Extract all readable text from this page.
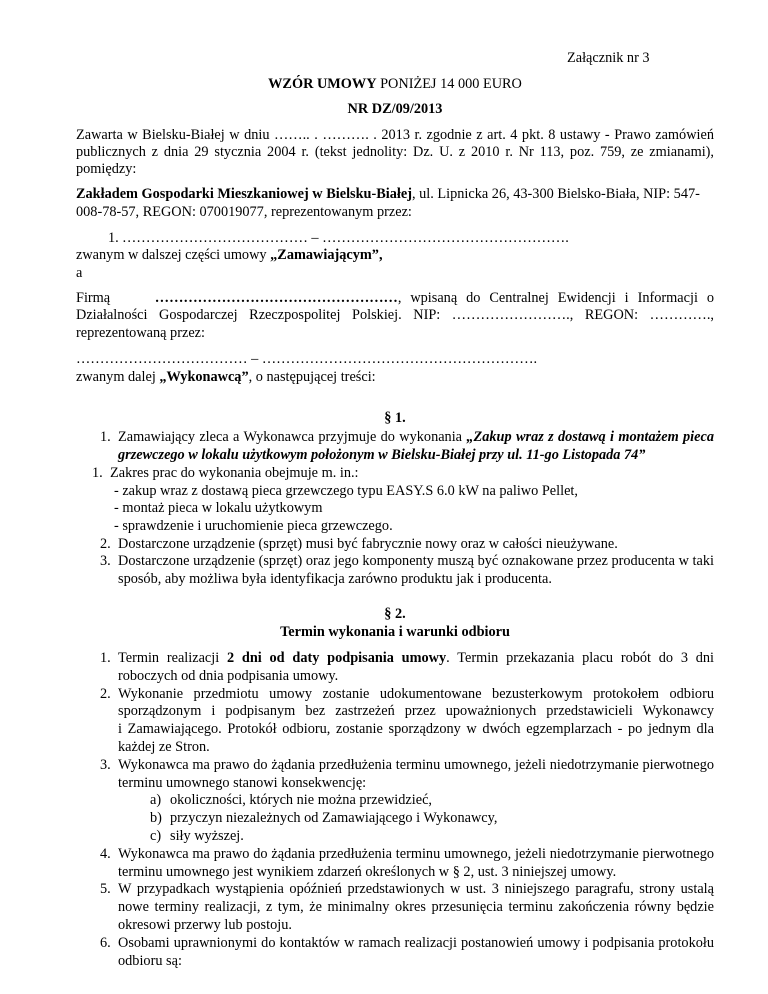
Załącznik nr 3
WZÓR UMOWY PONIŻEJ 14 000 EURO
NR DZ/09/2013
Zawarta w Bielsku-Białej w dniu …….. . ………. . 2013 r. zgodnie z art. 4 pkt. 8 ustawy - Prawo zamówień
publicznych z dnia 29 stycznia 2004 r. (tekst jednolity: Dz. U. z 2010 r. Nr 113, poz. 759, ze zmianami),
pomiędzy:
Zakładem Gospodarki Mieszkaniowej w Bielsku-Białej, ul. Lipnicka 26, 43-300 Bielsko-Biała, NIP: 547-
008-78-57, REGON: 070019077, reprezentowanym przez:
1. ………………………………… – …………………………………………….
zwanym w dalszej części umowy „Zamawiającym”,
a
Firmą	……………………………………………, wpisaną do Centralnej Ewidencji i Informacji o
Działalności Gospodarczej Rzeczpospolitej Polskiej. NIP: ……………………., REGON: ………….,
reprezentowaną przez:
……………………………… – ………………………………………………….
zwanym dalej „Wykonawcą”, o następującej treści:
§ 1.
1. Zamawiający zleca a Wykonawca przyjmuje do wykonania „Zakup wraz z dostawą i montażem pieca
grzewczego w lokalu użytkowym położonym w Bielsku-Białej przy ul. 11-go Listopada 74”
1. Zakres prac do wykonania obejmuje m. in.:
- zakup wraz z dostawą pieca grzewczego typu EASY.S 6.0 kW na paliwo Pellet,
- montaż pieca w lokalu użytkowym
- sprawdzenie i uruchomienie pieca grzewczego.
2. Dostarczone urządzenie (sprzęt) musi być fabrycznie nowy oraz w całości nieużywane.
3. Dostarczone urządzenie (sprzęt) oraz jego komponenty muszą być oznakowane przez producenta w taki
sposób, aby możliwa była identyfikacja zarówno produktu jak i producenta.
§ 2.
Termin wykonania i warunki odbioru
1. Termin realizacji 2 dni od daty podpisania umowy. Termin przekazania placu robót do 3 dni
roboczych od dnia podpisania umowy.
2. Wykonanie przedmiotu umowy zostanie udokumentowane bezusterkowym protokołem odbioru
sporządzonym i podpisanym bez zastrzeżeń przez upoważnionych przedstawicieli Wykonawcy
i Zamawiającego. Protokół odbioru, zostanie sporządzony w dwóch egzemplarzach - po jednym dla
każdej ze Stron.
3. Wykonawca ma prawo do żądania przedłużenia terminu umownego, jeżeli niedotrzymanie pierwotnego
terminu umownego stanowi konsekwencję:
a) okoliczności, których nie można przewidzieć,
b) przyczyn niezależnych od Zamawiającego i Wykonawcy,
c) siły wyższej.
4. Wykonawca ma prawo do żądania przedłużenia terminu umownego, jeżeli niedotrzymanie pierwotnego
terminu umownego jest wynikiem zdarzeń określonych w § 2, ust. 3 niniejszej umowy.
5. W przypadkach wystąpienia opóźnień przedstawionych w ust. 3 niniejszego paragrafu, strony ustalą
nowe terminy realizacji, z tym, że minimalny okres przesunięcia terminu zakończenia równy będzie
okresowi przerwy lub postoju.
6. Osobami uprawnionymi do kontaktów w ramach realizacji postanowień umowy i podpisania protokołu
odbioru są:
